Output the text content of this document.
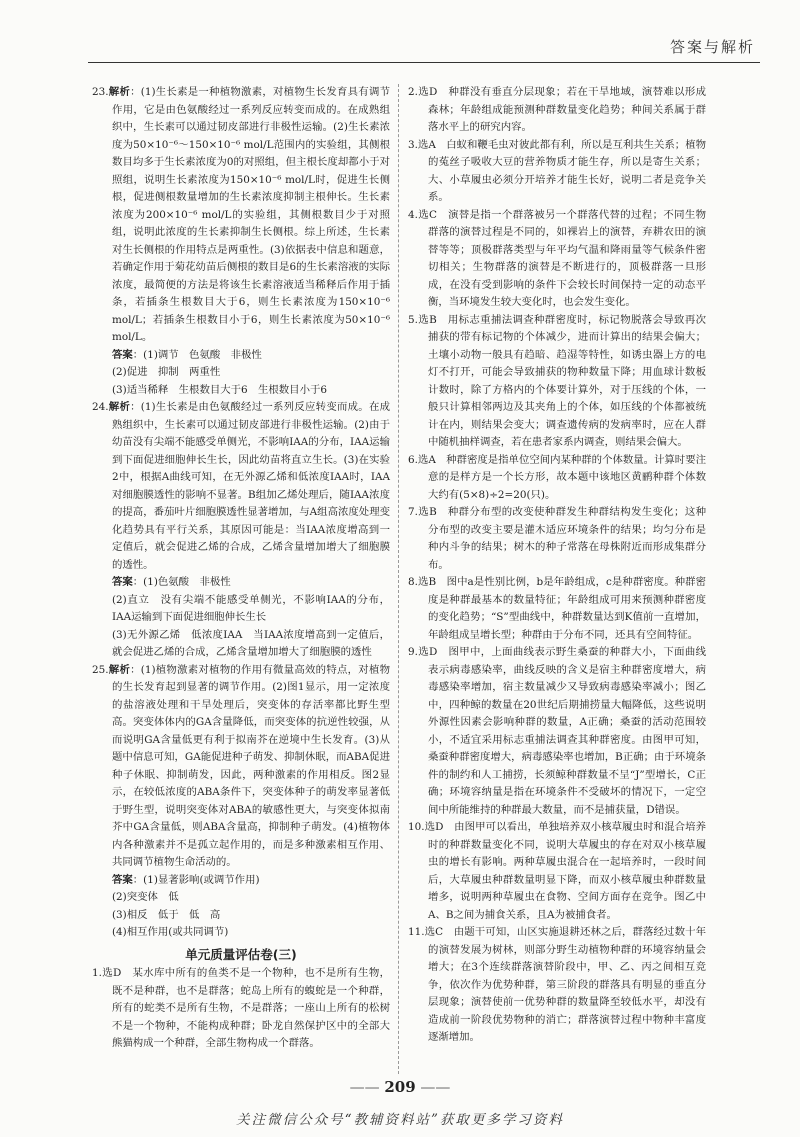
答案与解析

23.解析：(1)生长素是一种植物激素，对植物生长发育具有调节作用，它是由色氨酸经过一系列反应转变而成的。在成熟组织中，生长素可以通过韧皮部进行非极性运输。(2)生长素浓度为50×10⁻⁶～150×10⁻⁶ mol/L范围内的实验组，其侧根数目均多于生长素浓度为0的对照组，但主根长度却都小于对照组，说明生长素浓度为150×10⁻⁶ mol/L时，促进生长侧根，促进侧根数量增加的生长素浓度抑制主根伸长。生长素浓度为200×10⁻⁶ mol/L的实验组，其侧根数目少于对照组，说明此浓度的生长素抑制生长侧根。综上所述，生长素对生长侧根的作用特点是两重性。(3)依据表中信息和题意，若确定作用于菊花幼苗后侧根的数目是6的生长素溶液的实际浓度，最简便的方法是将该生长素溶液适当稀释后作用于插条，若插条生根数目大于6，则生长素浓度为150×10⁻⁶ mol/L；若插条生根数目小于6，则生长素浓度为50×10⁻⁶ mol/L。

答案：(1)调节　色氨酸　非极性

(2)促进　抑制　两重性

(3)适当稀释　生根数目大于6　生根数目小于6

24.解析：(1)生长素是由色氨酸经过一系列反应转变而成。在成熟组织中，生长素可以通过韧皮部进行非极性运输。(2)由于幼苗没有尖端不能感受单侧光，不影响IAA的分布，IAA运输到下面促进细胞伸长生长，因此幼苗将直立生长。(3)在实验2中，根据A曲线可知，在无外源乙烯和低浓度IAA时，IAA对细胞膜透性的影响不显著。B组加乙烯处理后，随IAA浓度的提高，番茄叶片细胞膜透性显著增加，与A组高浓度处理变化趋势具有平行关系，其原因可能是：当IAA浓度增高到一定值后，就会促进乙烯的合成，乙烯含量增加增大了细胞膜的透性。

答案：(1)色氨酸　非极性

(2)直立　没有尖端不能感受单侧光，不影响IAA的分布，IAA运输到下面促进细胞伸长生长

(3)无外源乙烯　低浓度IAA　当IAA浓度增高到一定值后，就会促进乙烯的合成，乙烯含量增加增大了细胞膜的透性

25.解析：(1)植物激素对植物的作用有微量高效的特点，对植物的生长发育起到显著的调节作用。(2)图1显示，用一定浓度的盐溶液处理和干旱处理后，突变体的存活率都比野生型高。突变体体内的GA含量降低，而突变体的抗逆性较强，从而说明GA含量低更有利于拟南芥在逆境中生长发育。(3)从题中信息可知，GA能促进种子萌发、抑制休眠，而ABA促进种子休眠、抑制萌发，因此，两种激素的作用相反。图2显示，在较低浓度的ABA条件下，突变体种子的萌发率显著低于野生型，说明突变体对ABA的敏感性更大，与突变体拟南芥中GA含量低，则ABA含量高，抑制种子萌发。(4)植物体内各种激素并不是孤立起作用的，而是多种激素相互作用、共同调节植物生命活动的。

答案：(1)显著影响(或调节作用)

(2)突变体　低

(3)相反　低于　低　高

(4)相互作用(或共同调节)

单元质量评估卷(三)

1.选D　某水库中所有的鱼类不是一个物种，也不是所有生物，既不是种群，也不是群落；蛇岛上所有的蝮蛇是一个种群，所有的蛇类不是所有生物，不是群落；一座山上所有的松树不是一个物种，不能构成种群；卧龙自然保护区中的全部大熊猫构成一个种群，全部生物构成一个群落。

2.选D　种群没有垂直分层现象；若在干旱地域，演替难以形成森林；年龄组成能预测种群数量变化趋势；种间关系属于群落水平上的研究内容。

3.选A　白蚁和鞭毛虫对彼此都有利，所以是互利共生关系；植物的菟丝子吸收大豆的营养物质才能生存，所以是寄生关系；大、小草履虫必须分开培养才能生长好，说明二者是竞争关系。

4.选C　演替是指一个群落被另一个群落代替的过程；不同生物群落的演替过程是不同的，如裸岩上的演替，弃耕农田的演替等等；顶极群落类型与年平均气温和降雨量等气候条件密切相关；生物群落的演替是不断进行的，顶极群落一旦形成，在没有受到影响的条件下会较长时间保持一定的动态平衡，当环境发生较大变化时，也会发生变化。

5.选B　用标志重捕法调查种群密度时，标记物脱落会导致再次捕获的带有标记物的个体减少，进而计算出的结果会偏大；土壤小动物一般具有趋暗、趋湿等特性，如诱虫器上方的电灯不打开，可能会导致捕获的物种数量下降；用血球计数板计数时，除了方格内的个体要计算外，对于压线的个体，一般只计算相邻两边及其夹角上的个体，如压线的个体都被统计在内，则结果会变大；调查遗传病的发病率时，应在人群中随机抽样调查，若在患者家系内调查，则结果会偏大。

6.选A　种群密度是指单位空间内某种群的个体数量。计算时要注意的是样方是一个长方形，故本题中该地区黄鹂种群个体数大约有(5×8)÷2=20(只)。

7.选B　种群分布型的改变使种群发生种群结构发生变化；这种分布型的改变主要是灌木适应环境条件的结果；均匀分布是种内斗争的结果；树木的种子常落在母株附近而形成集群分布。

8.选B　图中a是性别比例，b是年龄组成，c是种群密度。种群密度是种群最基本的数量特征；年龄组成可用来预测种群密度的变化趋势；“S”型曲线中，种群数量达到K值前一直增加，年龄组成呈增长型；种群由于分布不同，还具有空间特征。

9.选D　图甲中，上面曲线表示野生桑蚕的种群大小，下面曲线表示病毒感染率，曲线反映的含义是宿主种群密度增大，病毒感染率增加，宿主数量减少又导致病毒感染率减小；图乙中，四种鲸的数量在20世纪后期捕捞量大幅降低，这些说明外源性因素会影响种群的数量，A正确；桑蚕的活动范围较小，不适宜采用标志重捕法调查其种群密度。由图甲可知，桑蚕种群密度增大，病毒感染率也增加，B正确；由于环境条件的制约和人工捕捞，长须鲸种群数量不呈“J”型增长，C正确；环境容纳量是指在环境条件不受破坏的情况下，一定空间中所能维持的种群最大数量，而不是捕获量，D错误。

10.选D　由图甲可以看出，单独培养双小核草履虫时和混合培养时的种群数量变化不同，说明大草履虫的存在对双小核草履虫的增长有影响。两种草履虫混合在一起培养时，一段时间后，大草履虫种群数量明显下降，而双小核草履虫种群数量增多，说明两种草履虫在食物、空间方面存在竞争。图乙中A、B之间为捕食关系，且A为被捕食者。

11.选C　由题干可知，山区实施退耕还林之后，群落经过数十年的演替发展为树林，则部分野生动植物种群的环境容纳量会增大；在3个连续群落演替阶段中，甲、乙、丙之间相互竞争，依次作为优势种群，第三阶段的群落具有明显的垂直分层现象；演替使前一优势种群的数量降至较低水平，却没有造成前一阶段优势物种的消亡；群落演替过程中物种丰富度逐渐增加。

—— 209 ——
关注微信公众号“教辅资料站”获取更多学习资料
